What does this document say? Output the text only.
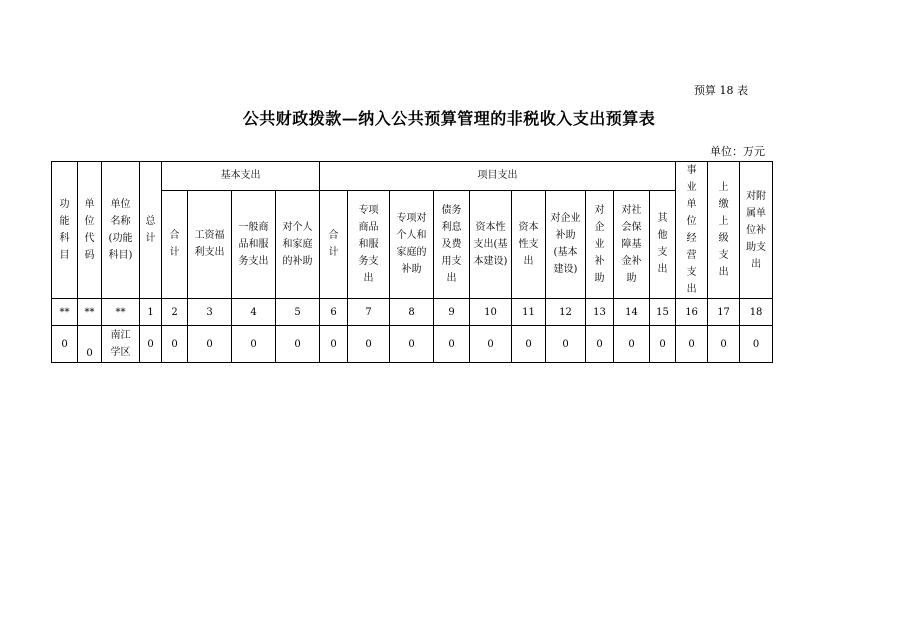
预算 18 表
公共财政拨款—纳入公共预算管理的非税收入支出预算表
单位：万元
功能科目	单位代码	单位名称(功能科目)	总计	基本支出				项目支出										事业单位经营支出	上缴上级支出	对附属单位补助支出

				合计	工资福利支出	一般商品和服务支出	对个人和家庭的补助	合计	专项商品和服务支出	专项对个人和家庭的补助	债务利息及费用支出	资本性支出(基本建设)	资本性支出	对企业补助(基本建设)	对企业补助	对社会保障基金补助	其他支出			

**	**	**	1	2	3	4	5	6	7	8	9	10	11	12	13	14	15	16	17	18
0	0	南江学区	0	0	0	0	0	0	0	0	0	0	0	0	0	0	0	0	0	0
